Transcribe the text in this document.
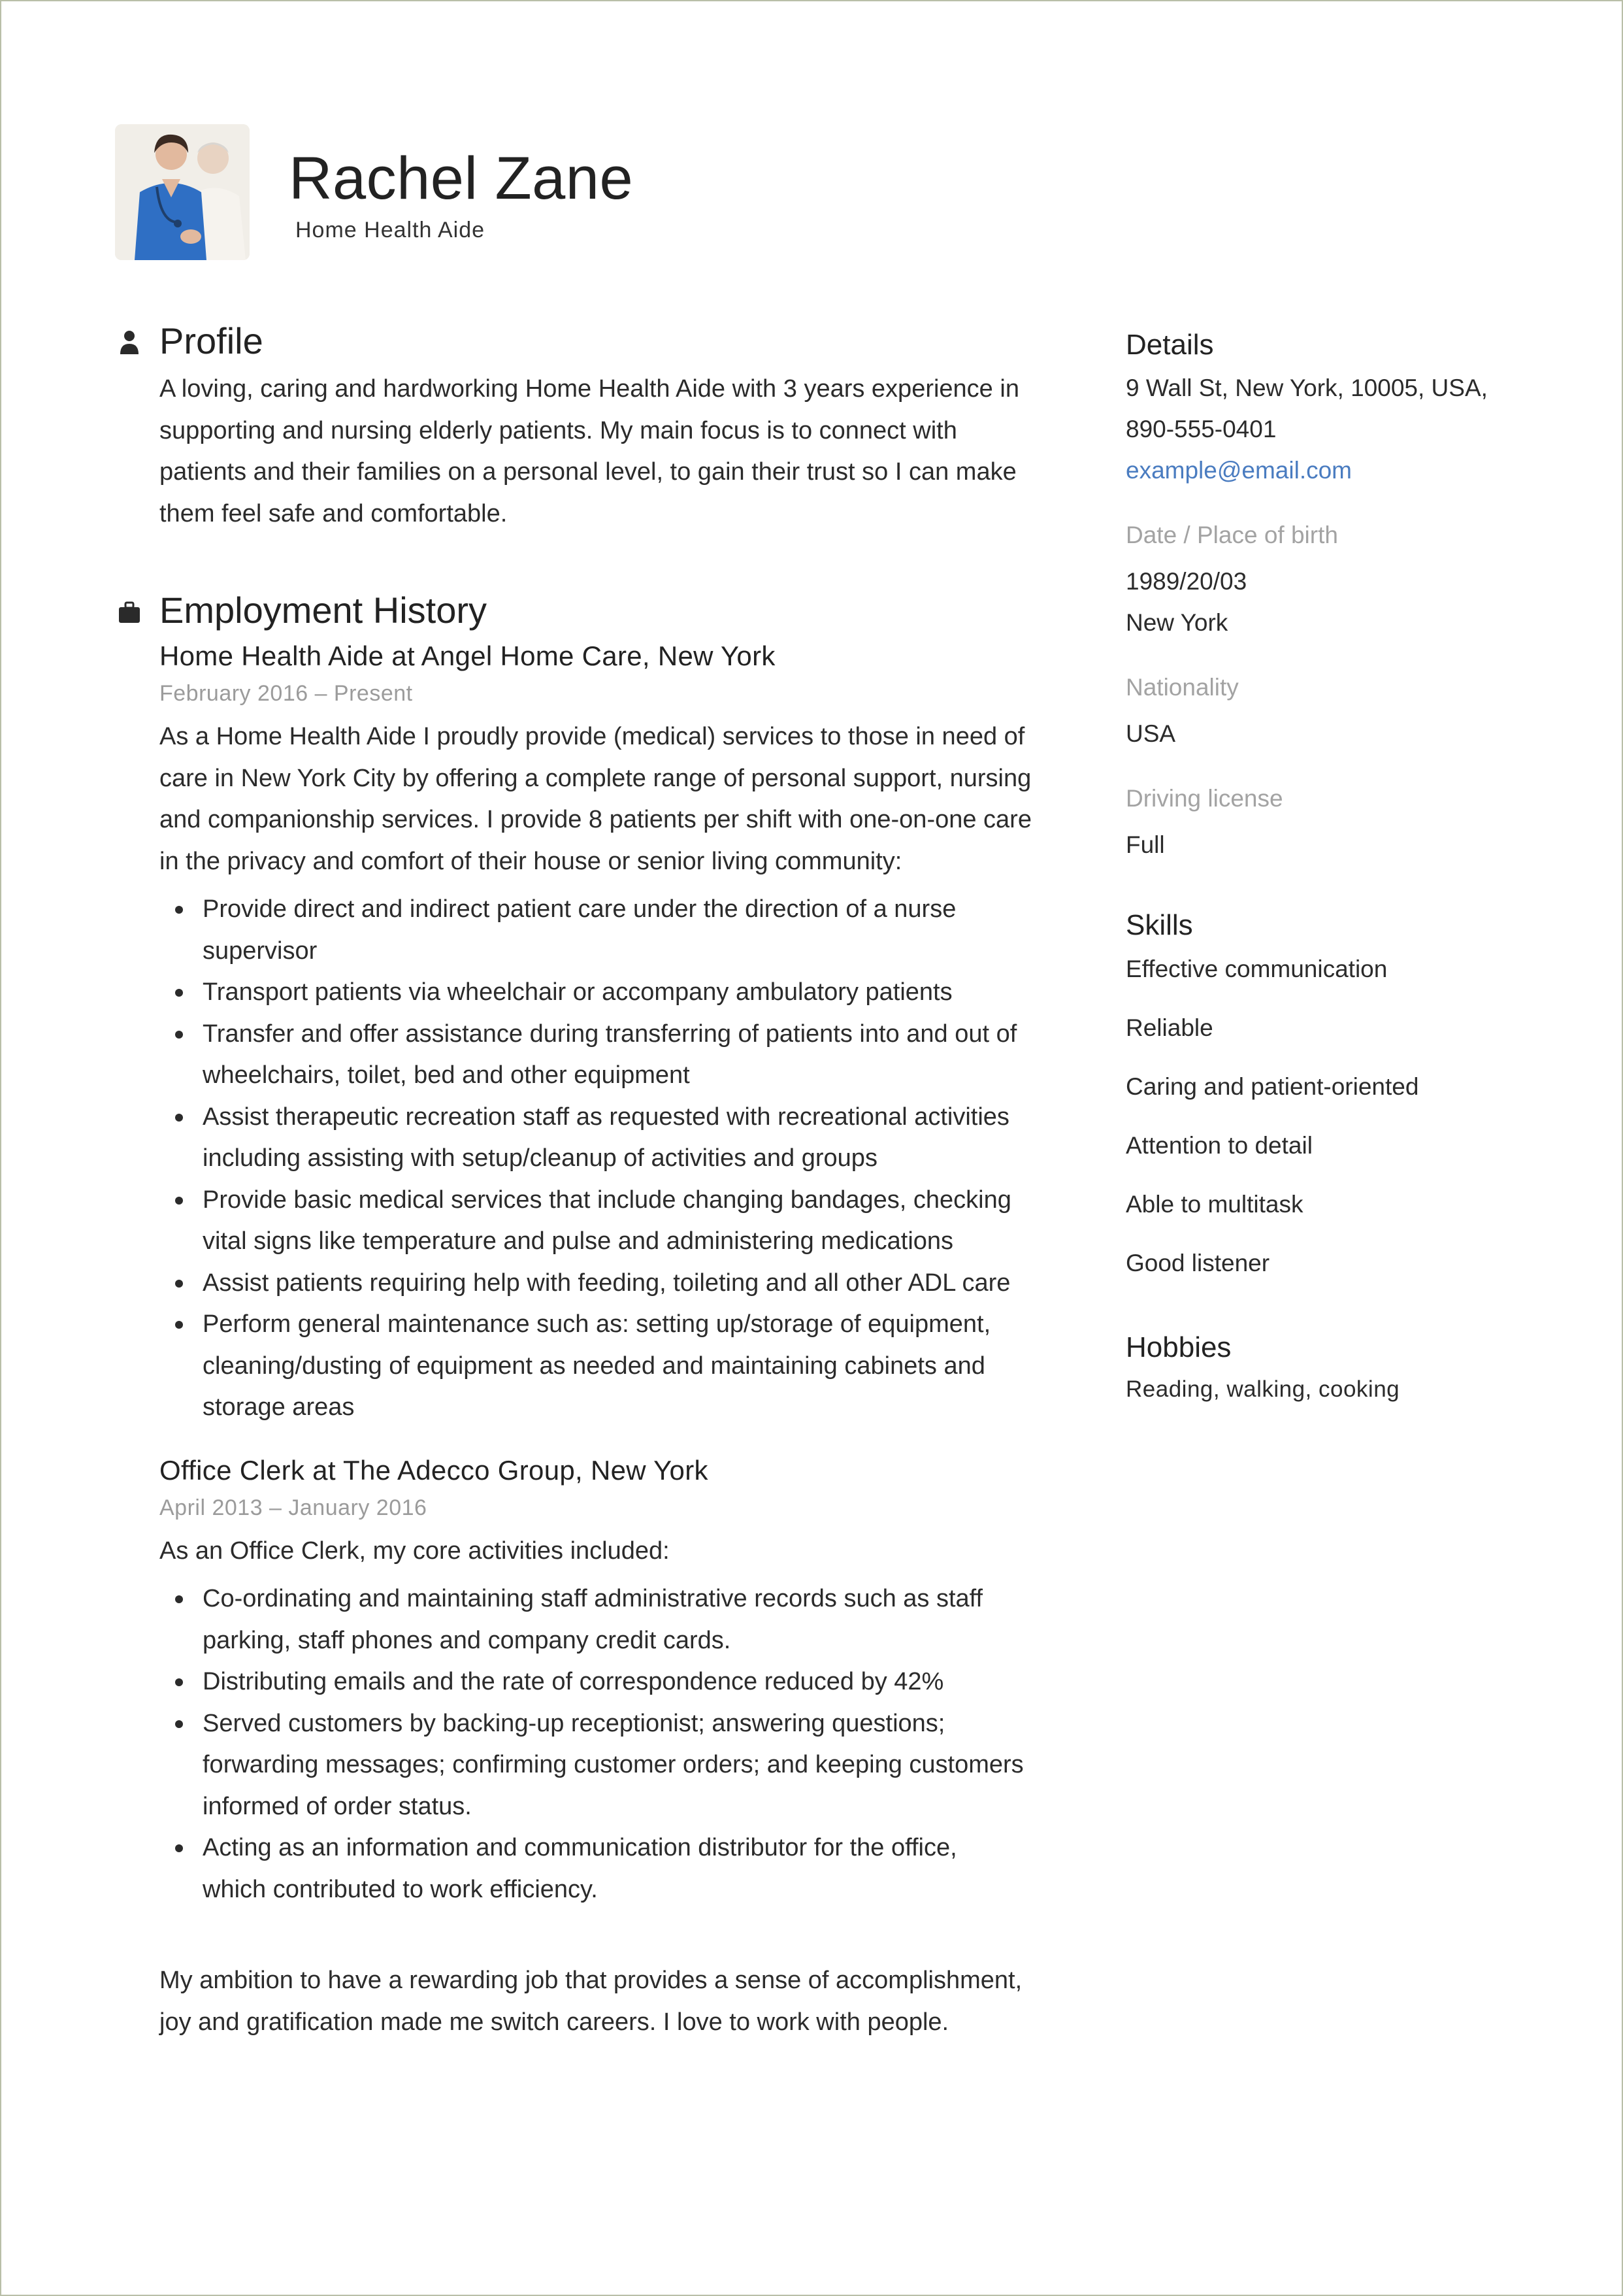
Rachel Zane
Home Health Aide
Profile

A loving, caring and hardworking Home Health Aide with 3 years experience in

supporting and nursing elderly patients. My main focus is to connect with

patients and their families on a personal level, to gain their trust so I can make

them feel safe and comfortable.

Employment History
Home Health Aide at Angel Home Care, New York

February 2016 – Present

As a Home Health Aide I proudly provide (medical) services to those in need of

care in New York City by offering a complete range of personal support, nursing

and companionship services. I provide 8 patients per shift with one-on-one care

in the privacy and comfort of their house or senior living community:

Provide direct and indirect patient care under the direction of a nurse
supervisor
Transport patients via wheelchair or accompany ambulatory patients
Transfer and offer assistance during transferring of patients into and out of
wheelchairs, toilet, bed and other equipment
Assist therapeutic recreation staff as requested with recreational activities
including assisting with setup/cleanup of activities and groups
Provide basic medical services that include changing bandages, checking
vital signs like temperature and pulse and administering medications
Assist patients requiring help with feeding, toileting and all other ADL care
Perform general maintenance such as: setting up/storage of equipment,
cleaning/dusting of equipment as needed and maintaining cabinets and
storage areas
Office Clerk at The Adecco Group, New York

April 2013 – January 2016

As an Office Clerk, my core activities included:

Co-ordinating and maintaining staff administrative records such as staff
parking, staff phones and company credit cards.
Distributing emails and the rate of correspondence reduced by 42%
Served customers by backing-up receptionist; answering questions;
forwarding messages; confirming customer orders; and keeping customers
informed of order status.
Acting as an information and communication distributor for the office,
which contributed to work efficiency.

My ambition to have a rewarding job that provides a sense of accomplishment,

joy and gratification made me switch careers. I love to work with people.

Details

9 Wall St, New York, 10005, USA,

890-555-0401

example@email.com

Date / Place of birth

1989/20/03

New York

Nationality

USA

Driving license

Full

Skills

Effective communication

Reliable

Caring and patient-oriented

Attention to detail

Able to multitask

Good listener

Hobbies

Reading, walking, cooking
